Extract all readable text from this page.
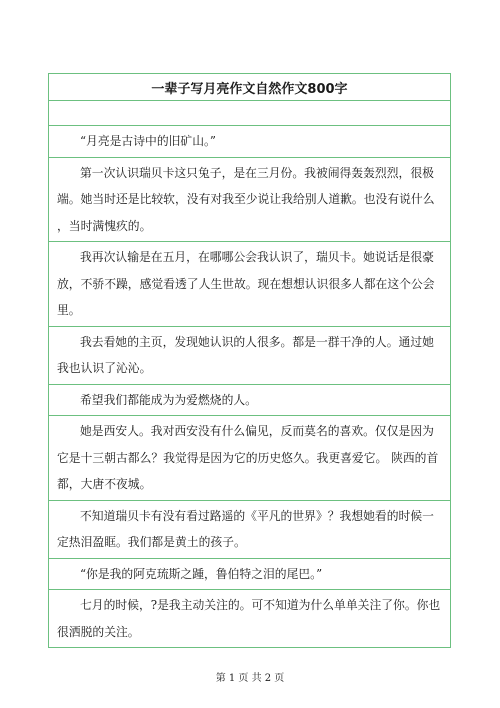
一辈子写月亮作文自然作文800字
“月亮是古诗中的旧矿山。”
第一次认识瑞贝卡这只兔子，是在三月份。我被闹得轰轰烈烈，很极
端。她当时还是比较软，没有对我至少说让我给别人道歉。也没有说什么
，当时满愧疚的。
我再次认输是在五月，在哪哪公会我认识了，瑞贝卡。她说话是很豪
放，不骄不躁，感觉看透了人生世故。现在想想认识很多人都在这个公会
里。
我去看她的主页，发现她认识的人很多。都是一群干净的人。通过她
我也认识了沁沁。
希望我们都能成为为爱燃烧的人。
她是西安人。我对西安没有什么偏见，反而莫名的喜欢。仅仅是因为
它是十三朝古都么？我觉得是因为它的历史悠久。我更喜爱它。 陕西的首
都，大唐不夜城。
不知道瑞贝卡有没有看过路遥的《平凡的世界》？我想她看的时候一
定热泪盈眶。我们都是黄土的孩子。
“你是我的阿克琉斯之踵，鲁伯特之泪的尾巴。”
七月的时候，?是我主动关注的。可不知道为什么单单关注了你。你也
很洒脱的关注。
第 1 页 共 2 页
